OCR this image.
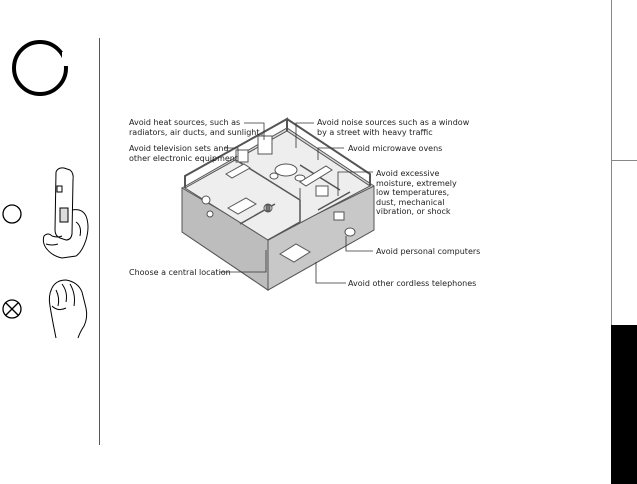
Avoid heat sources, such as
radiators, air ducts, and sunlight
Avoid noise sources such as a window
by a street with heavy traffic
Avoid television sets and
other electronic equipment
Avoid microwave ovens
Avoid excessive
moisture, extremely
low temperatures,
dust, mechanical
vibration, or shock
Avoid personal computers
Choose a central location
Avoid other cordless telephones
